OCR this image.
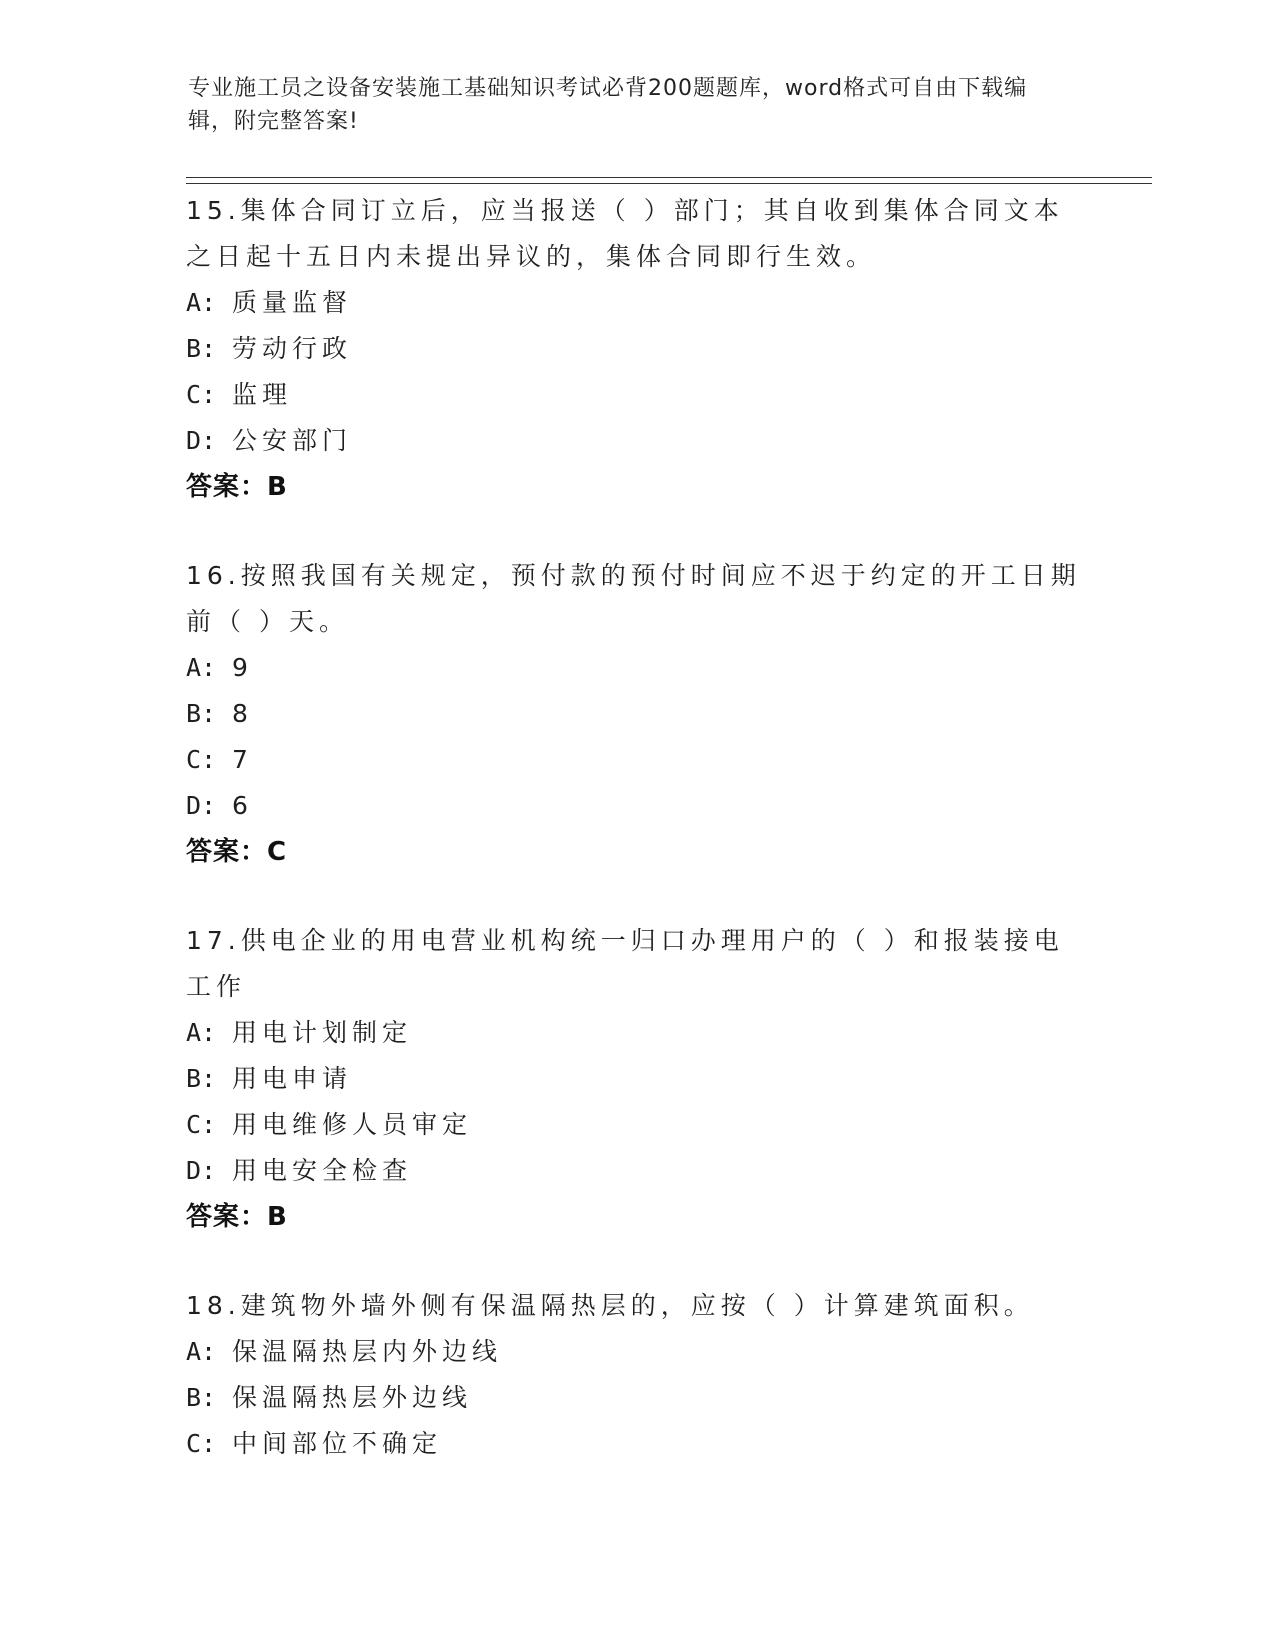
专业施工员之设备安装施工基础知识考试必背200题题库，word格式可自由下载编辑，附完整答案!

15.集体合同订立后，应当报送（ ）部门；其自收到集体合同文本之日起十五日内未提出异议的，集体合同即行生效。

A: 质量监督
B: 劳动行政
C: 监理
D: 公安部门
答案：B

16.按照我国有关规定，预付款的预付时间应不迟于约定的开工日期前（ ）天。

A: 9
B: 8
C: 7
D: 6
答案：C

17.供电企业的用电营业机构统一归口办理用户的（ ）和报装接电工作

A: 用电计划制定
B: 用电申请
C: 用电维修人员审定
D: 用电安全检查
答案：B

18.建筑物外墙外侧有保温隔热层的，应按（ ）计算建筑面积。

A: 保温隔热层内外边线
B: 保温隔热层外边线
C: 中间部位不确定
